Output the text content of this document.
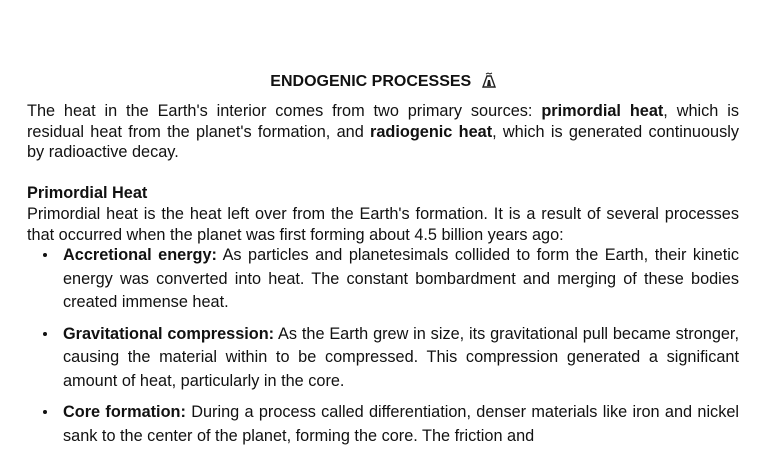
ENDOGENIC PROCESSES
The heat in the Earth's interior comes from two primary sources: primordial heat, which is residual heat from the planet's formation, and radiogenic heat, which is generated continuously by radioactive decay.
Primordial Heat
Primordial heat is the heat left over from the Earth's formation. It is a result of several processes that occurred when the planet was first forming about 4.5 billion years ago:
Accretional energy: As particles and planetesimals collided to form the Earth, their kinetic energy was converted into heat. The constant bombardment and merging of these bodies created immense heat.
Gravitational compression: As the Earth grew in size, its gravitational pull became stronger, causing the material within to be compressed. This compression generated a significant amount of heat, particularly in the core.
Core formation: During a process called differentiation, denser materials like iron and nickel sank to the center of the planet, forming the core. The friction and
